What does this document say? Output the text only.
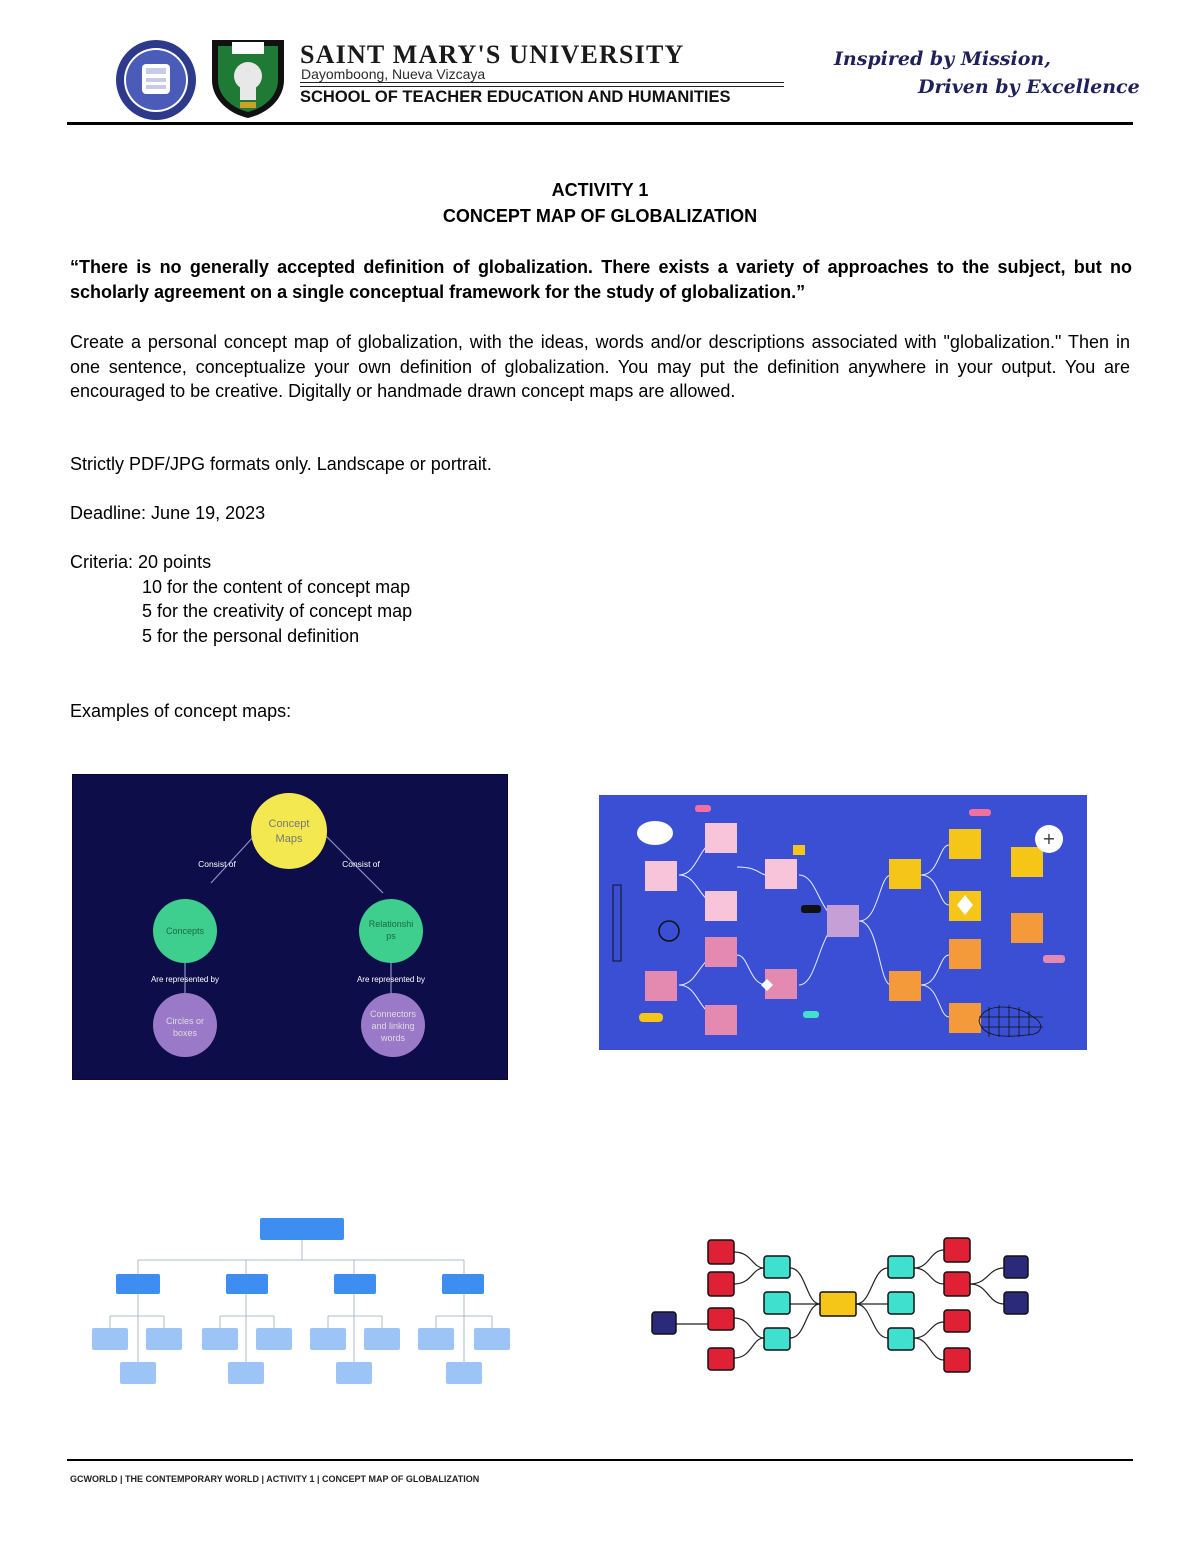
SAINT MARY'S UNIVERSITY
Dayomboong, Nueva Vizcaya
SCHOOL OF TEACHER EDUCATION AND HUMANITIES
Inspired by Mission,
Driven by Excellence
ACTIVITY 1
CONCEPT MAP OF GLOBALIZATION
“There is no generally accepted definition of globalization. There exists a variety of approaches to the subject, but no scholarly agreement on a single conceptual framework for the study of globalization.”
Create a personal concept map of globalization, with the ideas, words and/or descriptions associated with "globalization." Then in one sentence, conceptualize your own definition of globalization. You may put the definition anywhere in your output. You are encouraged to be creative. Digitally or handmade drawn concept maps are allowed.
Strictly PDF/JPG formats only. Landscape or portrait.
Deadline: June 19, 2023
Criteria: 20 points
10 for the content of concept map
5 for the creativity of concept map
5 for the personal definition
Examples of concept maps:
Concept
Maps
Consist of	Consist of
Concepts
Relationshi
ps
Are represented by	Are represented by
Circles or
boxes
Connectors
and linking
words
+
GCWORLD | THE CONTEMPORARY WORLD | ACTIVITY 1 | CONCEPT MAP OF GLOBALIZATION
